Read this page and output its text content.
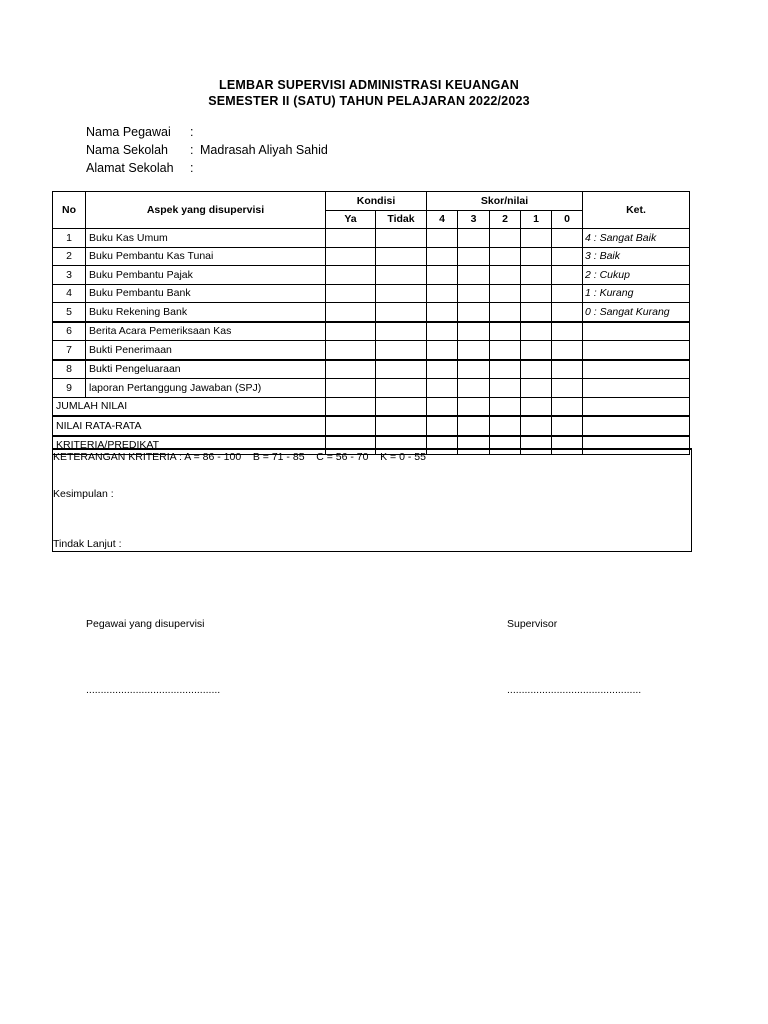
LEMBAR SUPERVISI ADMINISTRASI KEUANGAN
SEMESTER II (SATU) TAHUN PELAJARAN 2022/2023
Nama Pegawai :
Nama Sekolah : Madrasah Aliyah Sahid
Alamat Sekolah :
No	Aspek yang disupervisi	Kondisi		Skor/nilai					Ket.
		Ya	Tidak	4	3	2	1	0	
1	Buku Kas Umum								4 : Sangat Baik
2	Buku Pembantu Kas Tunai								3 : Baik
3	Buku Pembantu Pajak								2 : Cukup
4	Buku Pembantu Bank								1 : Kurang
5	Buku Rekening Bank								0 : Sangat Kurang
6	Berita Acara Pemeriksaan Kas								
7	Bukti Penerimaan								
8	Bukti Pengeluaraan								
9	laporan Pertanggung Jawaban (SPJ)								
JUMLAH NILAI									
NILAI RATA-RATA									
KRITERIA/PREDIKAT									
KETERANGAN KRITERIA : A = 86 - 100    B = 71 - 85    C = 56 - 70    K = 0 - 55
Kesimpulan :
Tindak Lanjut :
Pegawai yang disupervisi	Supervisor
..............................................	..............................................
